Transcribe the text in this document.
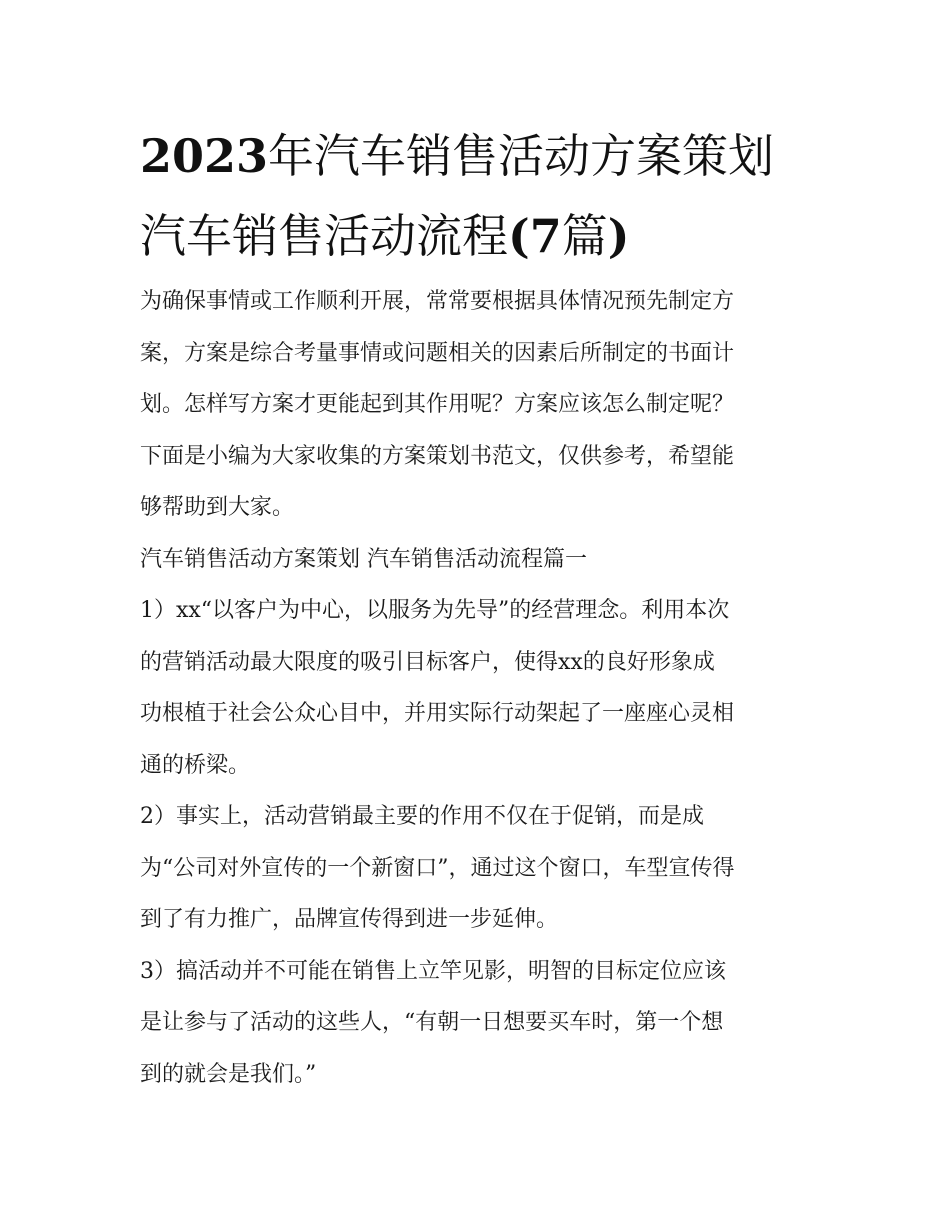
2023年汽车销售活动方案策划
汽车销售活动流程(7篇)
为确保事情或工作顺利开展，常常要根据具体情况预先制定方
案，方案是综合考量事情或问题相关的因素后所制定的书面计
划。怎样写方案才更能起到其作用呢？方案应该怎么制定呢？
下面是小编为大家收集的方案策划书范文，仅供参考，希望能
够帮助到大家。
汽车销售活动方案策划 汽车销售活动流程篇一
1）xx“以客户为中心，以服务为先导”的经营理念。利用本次
的营销活动最大限度的吸引目标客户，使得xx的良好形象成
功根植于社会公众心目中，并用实际行动架起了一座座心灵相
通的桥梁。
2）事实上，活动营销最主要的作用不仅在于促销，而是成
为“公司对外宣传的一个新窗口”，通过这个窗口，车型宣传得
到了有力推广，品牌宣传得到进一步延伸。
3）搞活动并不可能在销售上立竿见影，明智的目标定位应该
是让参与了活动的这些人，“有朝一日想要买车时，第一个想
到的就会是我们。”
